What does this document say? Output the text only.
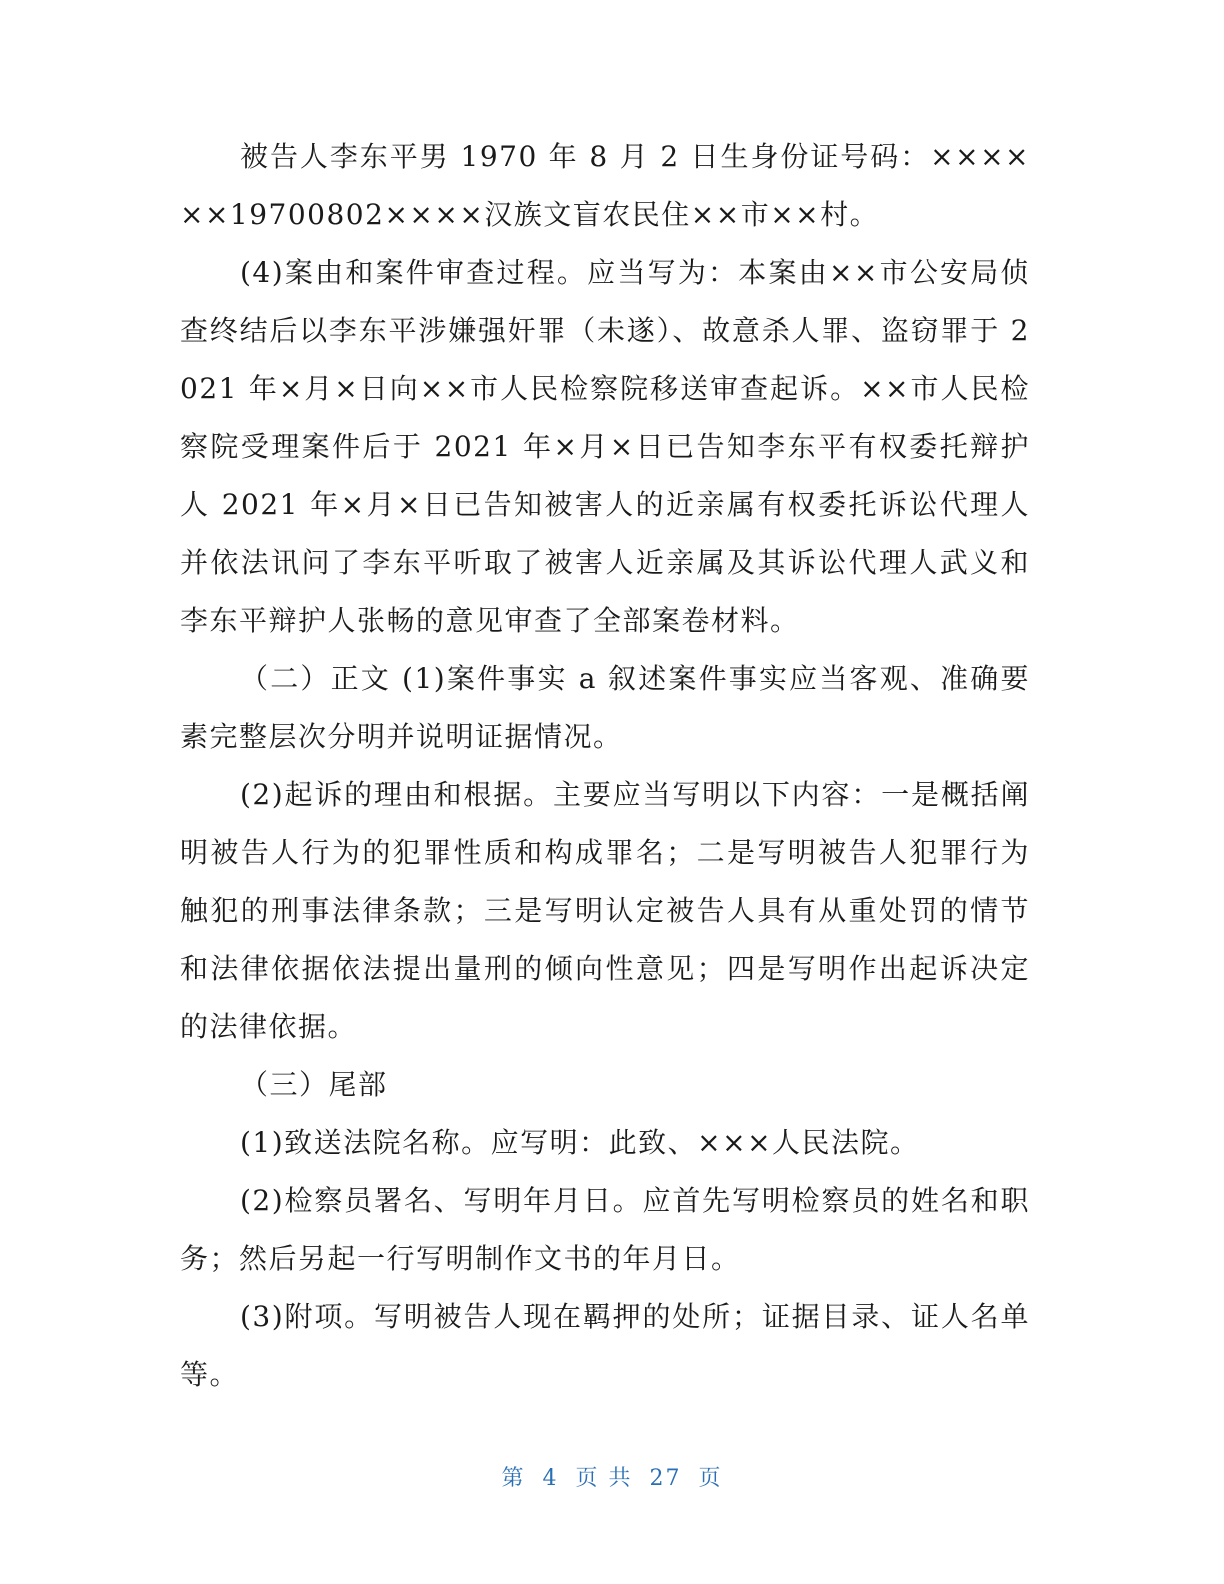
被告人李东平男 1970 年 8 月 2 日生身份证号码：××××××19700802××××汉族文盲农民住××市××村。

(4)案由和案件审查过程。应当写为：本案由××市公安局侦查终结后以李东平涉嫌强奸罪（未遂）、故意杀人罪、盗窃罪于 2021 年×月×日向××市人民检察院移送审查起诉。××市人民检察院受理案件后于 2021 年×月×日已告知李东平有权委托辩护人 2021 年×月×日已告知被害人的近亲属有权委托诉讼代理人并依法讯问了李东平听取了被害人近亲属及其诉讼代理人武义和李东平辩护人张畅的意见审查了全部案卷材料。

（二）正文 (1)案件事实 a 叙述案件事实应当客观、准确要素完整层次分明并说明证据情况。

(2)起诉的理由和根据。主要应当写明以下内容：一是概括阐明被告人行为的犯罪性质和构成罪名；二是写明被告人犯罪行为触犯的刑事法律条款；三是写明认定被告人具有从重处罚的情节和法律依据依法提出量刑的倾向性意见；四是写明作出起诉决定的法律依据。

（三）尾部

(1)致送法院名称。应写明：此致、×××人民法院。

(2)检察员署名、写明年月日。应首先写明检察员的姓名和职务；然后另起一行写明制作文书的年月日。

(3)附项。写明被告人现在羁押的处所；证据目录、证人名单等。

第 4 页 共 27 页
